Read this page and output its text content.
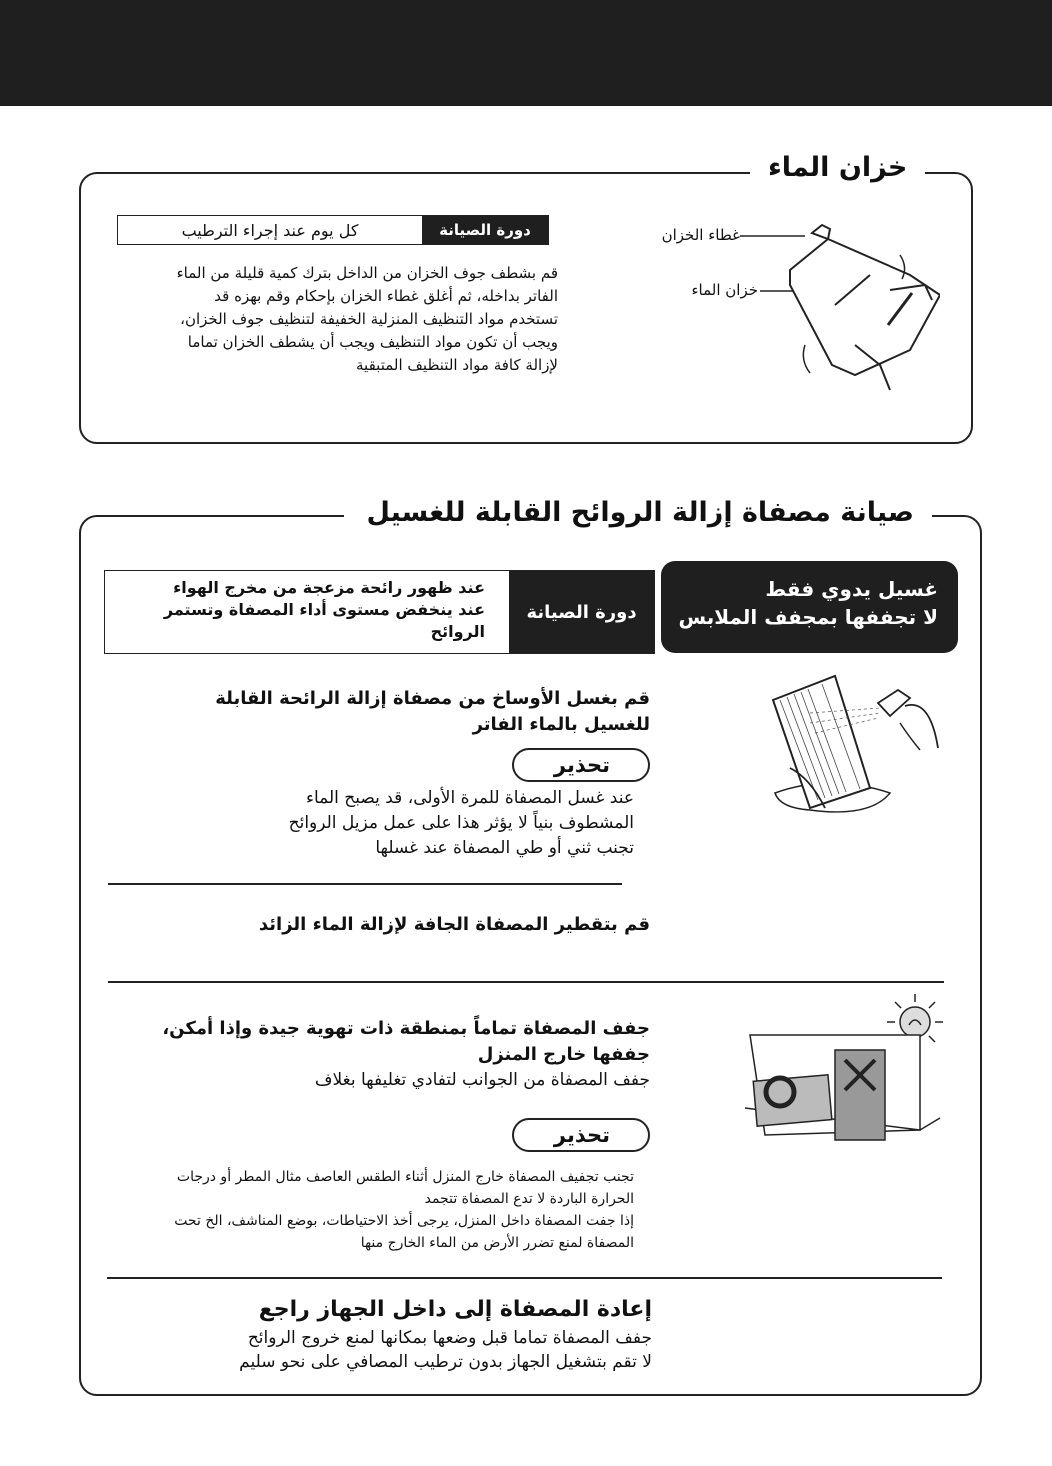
خزان الماء
دورة الصيانة
كل يوم عند إجراء الترطيب
قم بشطف جوف الخزان من الداخل بترك كمية قليلة من الماء
الفاتر بداخله، ثم أغلق غطاء الخزان بإحكام وقم بهزه قد
تستخدم مواد التنظيف المنزلية الخفيفة لتنظيف جوف الخزان،
ويجب أن تكون مواد التنظيف ويجب أن يشطف الخزان تماما
لإزالة كافة مواد التنظيف المتبقية
غطاء الخزان
خزان الماء
صيانة مصفاة إزالة الروائح القابلة للغسيل
دورة الصيانة
عند ظهور رائحة مزعجة من مخرج الهواء
عند ينخفض مستوى أداء المصفاة وتستمر
الروائح
غسيل يدوي فقط
لا تجففها بمجفف الملابس
قم بغسل الأوساخ من مصفاة إزالة الرائحة القابلة
للغسيل بالماء الفاتر
تحذير
عند غسل المصفاة للمرة الأولى، قد يصبح الماء
المشطوف بنياً لا يؤثر هذا على عمل مزيل الروائح
تجنب ثني أو طي المصفاة عند غسلها
قم بتقطير المصفاة الجافة لإزالة الماء الزائد
جفف المصفاة تماماً بمنطقة ذات تهوية جيدة وإذا أمكن،
جففها خارج المنزل
جفف المصفاة من الجوانب لتفادي تغليفها بغلاف
تحذير
تجنب تجفيف المصفاة خارج المنزل أثناء الطقس العاصف مثال المطر أو درجات
الحرارة الباردة لا تدع المصفاة تتجمد
إذا جفت المصفاة داخل المنزل، يرجى أخذ الاحتياطات، بوضع المناشف، الخ تحت
المصفاة لمنع تضرر الأرض من الماء الخارج منها
إعادة المصفاة إلى داخل الجهاز راجع
جفف المصفاة تماما قبل وضعها بمكانها لمنع خروج الروائح
لا تقم بتشغيل الجهاز بدون ترطيب المصافي على نحو سليم
